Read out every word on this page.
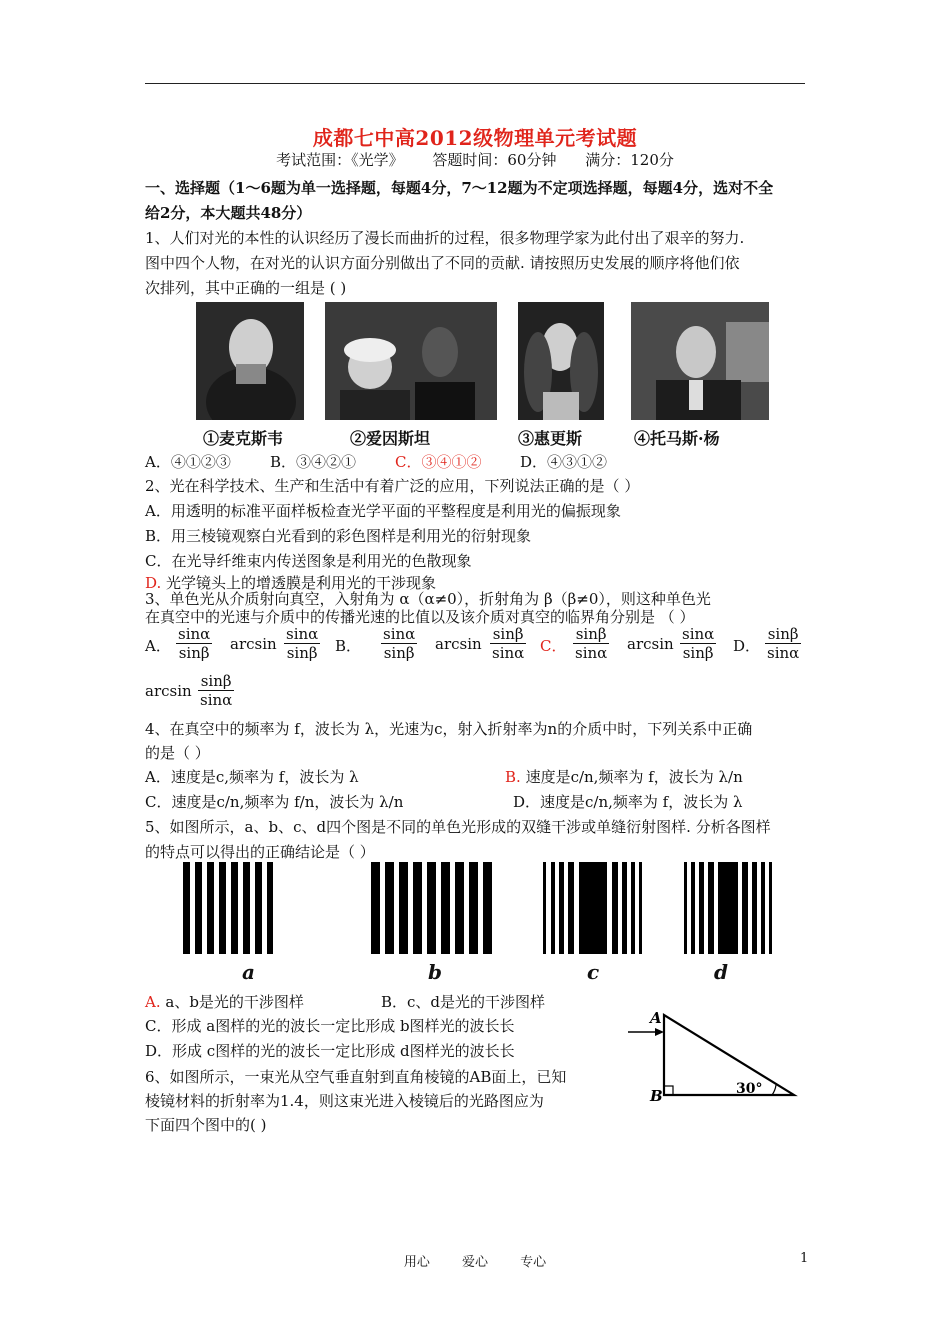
成都七中高2012级物理单元考试题
考试范围：《光学》 答题时间：60分钟 满分：120分
一、选择题（1～6题为单一选择题，每题4分，7～12题为不定项选择题，每题4分，选对不全
给2分，本大题共48分）
1、人们对光的本性的认识经历了漫长而曲折的过程，很多物理学家为此付出了艰辛的努力.
图中四个人物，在对光的认识方面分别做出了不同的贡献. 请按照历史发展的顺序将他们依
次排列，其中正确的一组是 ( )
①麦克斯韦	②爱因斯坦	③惠更斯	④托马斯·杨
A．④①②③	B．③④②①	C．③④①②	D．④③①②
2、光在科学技术、生产和生活中有着广泛的应用，下列说法正确的是（ ）
A．用透明的标准平面样板检查光学平面的平整程度是利用光的偏振现象
B．用三棱镜观察白光看到的彩色图样是利用光的衍射现象
C．在光导纤维束内传送图象是利用光的色散现象
D. 光学镜头上的增透膜是利用光的干涉现象
3、单色光从介质射向真空，入射角为 α（α≠0），折射角为 β（β≠0），则这种单色光
在真空中的光速与介质中的传播光速的比值以及该介质对真空的临界角分别是 （ ）
A． $\frac{\sin\alpha}{\sin\beta}$ $\arcsin \frac{\sin\alpha}{\sin\beta}$ B． $\frac{\sin\alpha}{\sin\beta}$ $\arcsin \frac{\sin\beta}{\sin\alpha}$ C． $\frac{\sin\beta}{\sin\alpha}$ $\arcsin \frac{\sin\alpha}{\sin\beta}$ D． $\frac{\sin\beta}{\sin\alpha}$
$\arcsin \frac{\sin\beta}{\sin\alpha}$
4、在真空中的频率为 f，波长为 λ，光速为c，射入折射率为n的介质中时，下列关系中正确
的是（ ）
A．速度是c,频率为 f，波长为 λ	B. 速度是c/n,频率为 f，波长为 λ/n
C．速度是c/n,频率为 f/n，波长为 λ/n	D．速度是c/n,频率为 f，波长为 λ
5、如图所示，a、b、c、d四个图是不同的单色光形成的双缝干涉或单缝衍射图样. 分析各图样
的特点可以得出的正确结论是（ ）
a	b	c	d
A. a、b是光的干涉图样	B．c、d是光的干涉图样
C．形成 a图样的光的波长一定比形成 b图样光的波长长
D．形成 c图样的光的波长一定比形成 d图样光的波长长
6、如图所示，一束光从空气垂直射到直角棱镜的AB面上，已知
棱镜材料的折射率为1.4，则这束光进入棱镜后的光路图应为
下面四个图中的( )
A
B	30°
用心 爱心 专心	1
